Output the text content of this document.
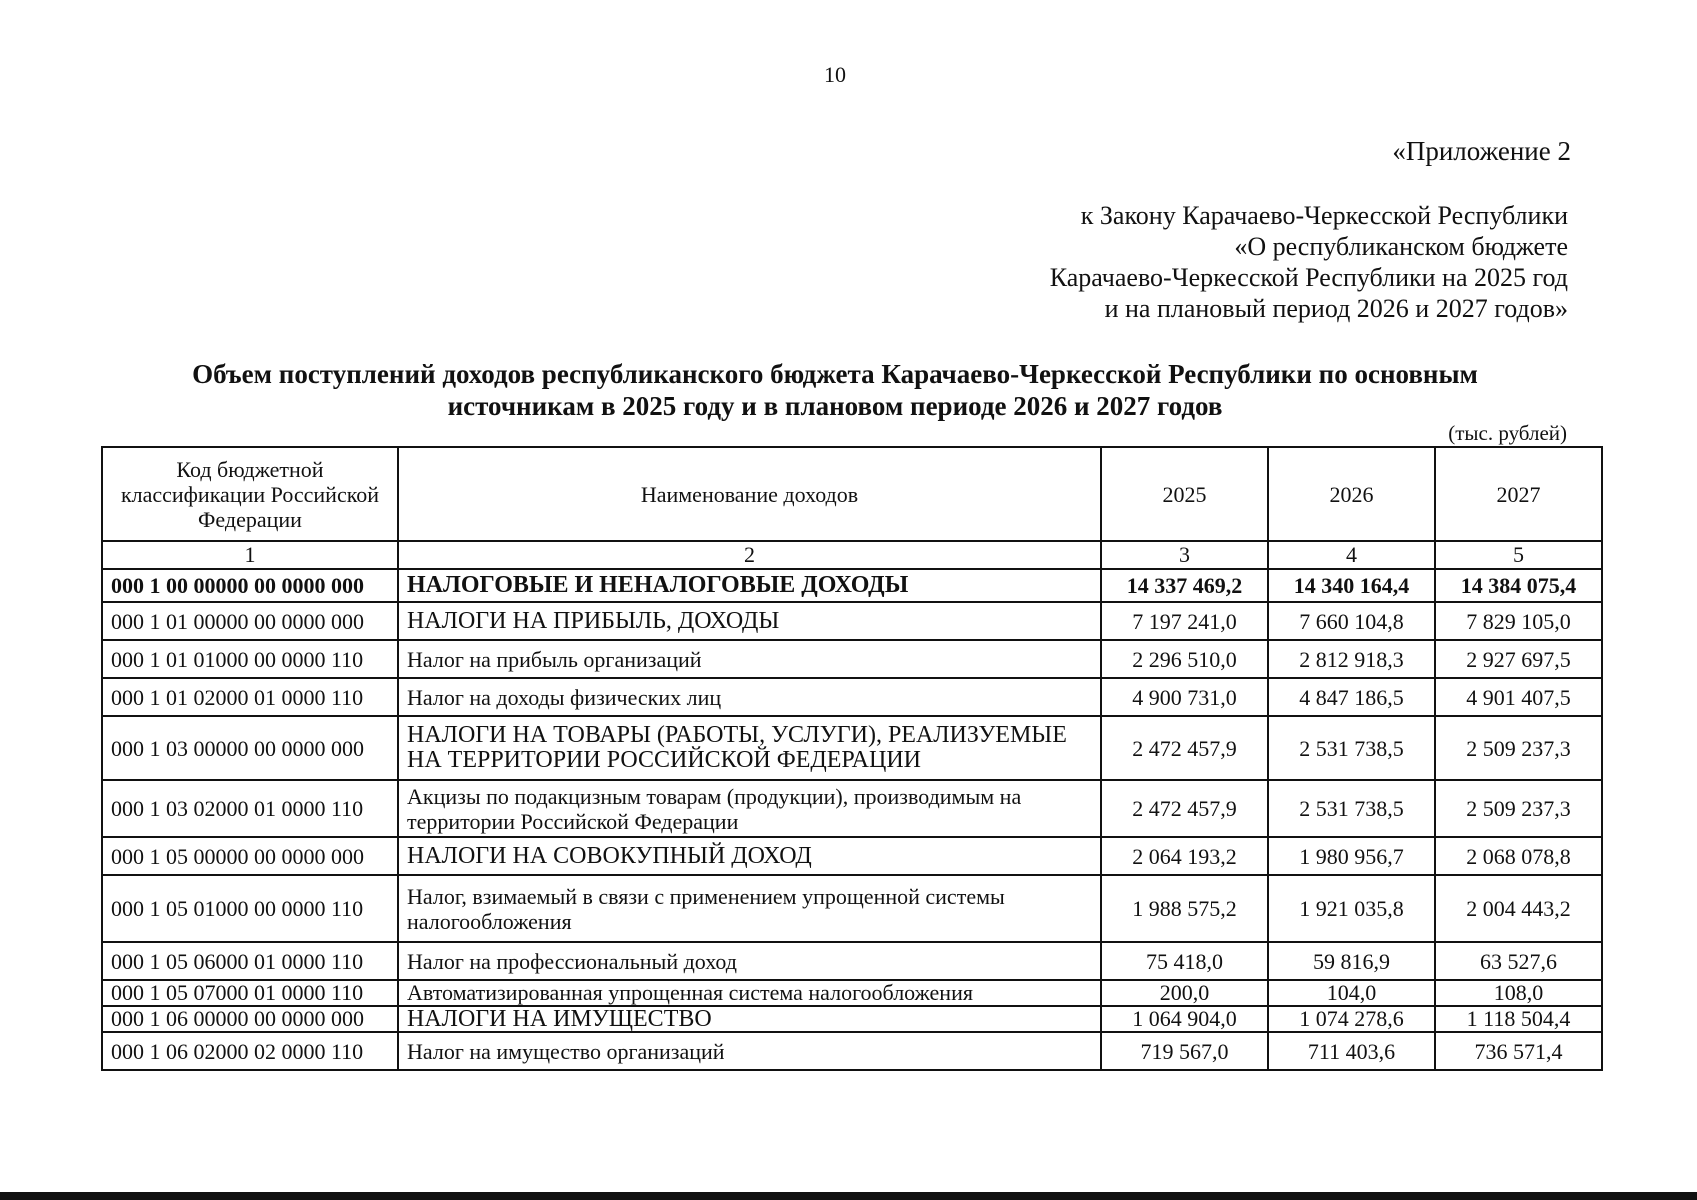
10
«Приложение 2
к Закону Карачаево-Черкесской Республики
«О республиканском бюджете
Карачаево-Черкесской Республики на 2025 год
и на плановый период 2026 и 2027 годов»
Объем поступлений доходов республиканского бюджета Карачаево-Черкесской Республики по основным
источникам в 2025 году и в плановом периоде 2026 и 2027 годов
(тыс. рублей)
Код бюджетной классификации Российской Федерации	Наименование доходов	2025	2026	2027
1	2	3	4	5
000 1 00 00000 00 0000 000	НАЛОГОВЫЕ И НЕНАЛОГОВЫЕ ДОХОДЫ	14 337 469,2	14 340 164,4	14 384 075,4
000 1 01 00000 00 0000 000	НАЛОГИ НА ПРИБЫЛЬ, ДОХОДЫ	7 197 241,0	7 660 104,8	7 829 105,0
000 1 01 01000 00 0000 110	Налог на прибыль организаций	2 296 510,0	2 812 918,3	2 927 697,5
000 1 01 02000 01 0000 110	Налог на доходы физических лиц	4 900 731,0	4 847 186,5	4 901 407,5
000 1 03 00000 00 0000 000	НАЛОГИ НА ТОВАРЫ (РАБОТЫ, УСЛУГИ), РЕАЛИЗУЕМЫЕ НА ТЕРРИТОРИИ РОССИЙСКОЙ ФЕДЕРАЦИИ	2 472 457,9	2 531 738,5	2 509 237,3
000 1 03 02000 01 0000 110	Акцизы по подакцизным товарам (продукции), производимым на территории Российской Федерации	2 472 457,9	2 531 738,5	2 509 237,3
000 1 05 00000 00 0000 000	НАЛОГИ НА СОВОКУПНЫЙ ДОХОД	2 064 193,2	1 980 956,7	2 068 078,8
000 1 05 01000 00 0000 110	Налог, взимаемый в связи с применением упрощенной системы налогообложения	1 988 575,2	1 921 035,8	2 004 443,2
000 1 05 06000 01 0000 110	Налог на профессиональный доход	75 418,0	59 816,9	63 527,6
000 1 05 07000 01 0000 110	Автоматизированная упрощенная система налогообложения	200,0	104,0	108,0
000 1 06 00000 00 0000 000	НАЛОГИ НА ИМУЩЕСТВО	1 064 904,0	1 074 278,6	1 118 504,4
000 1 06 02000 02 0000 110	Налог на имущество организаций	719 567,0	711 403,6	736 571,4
